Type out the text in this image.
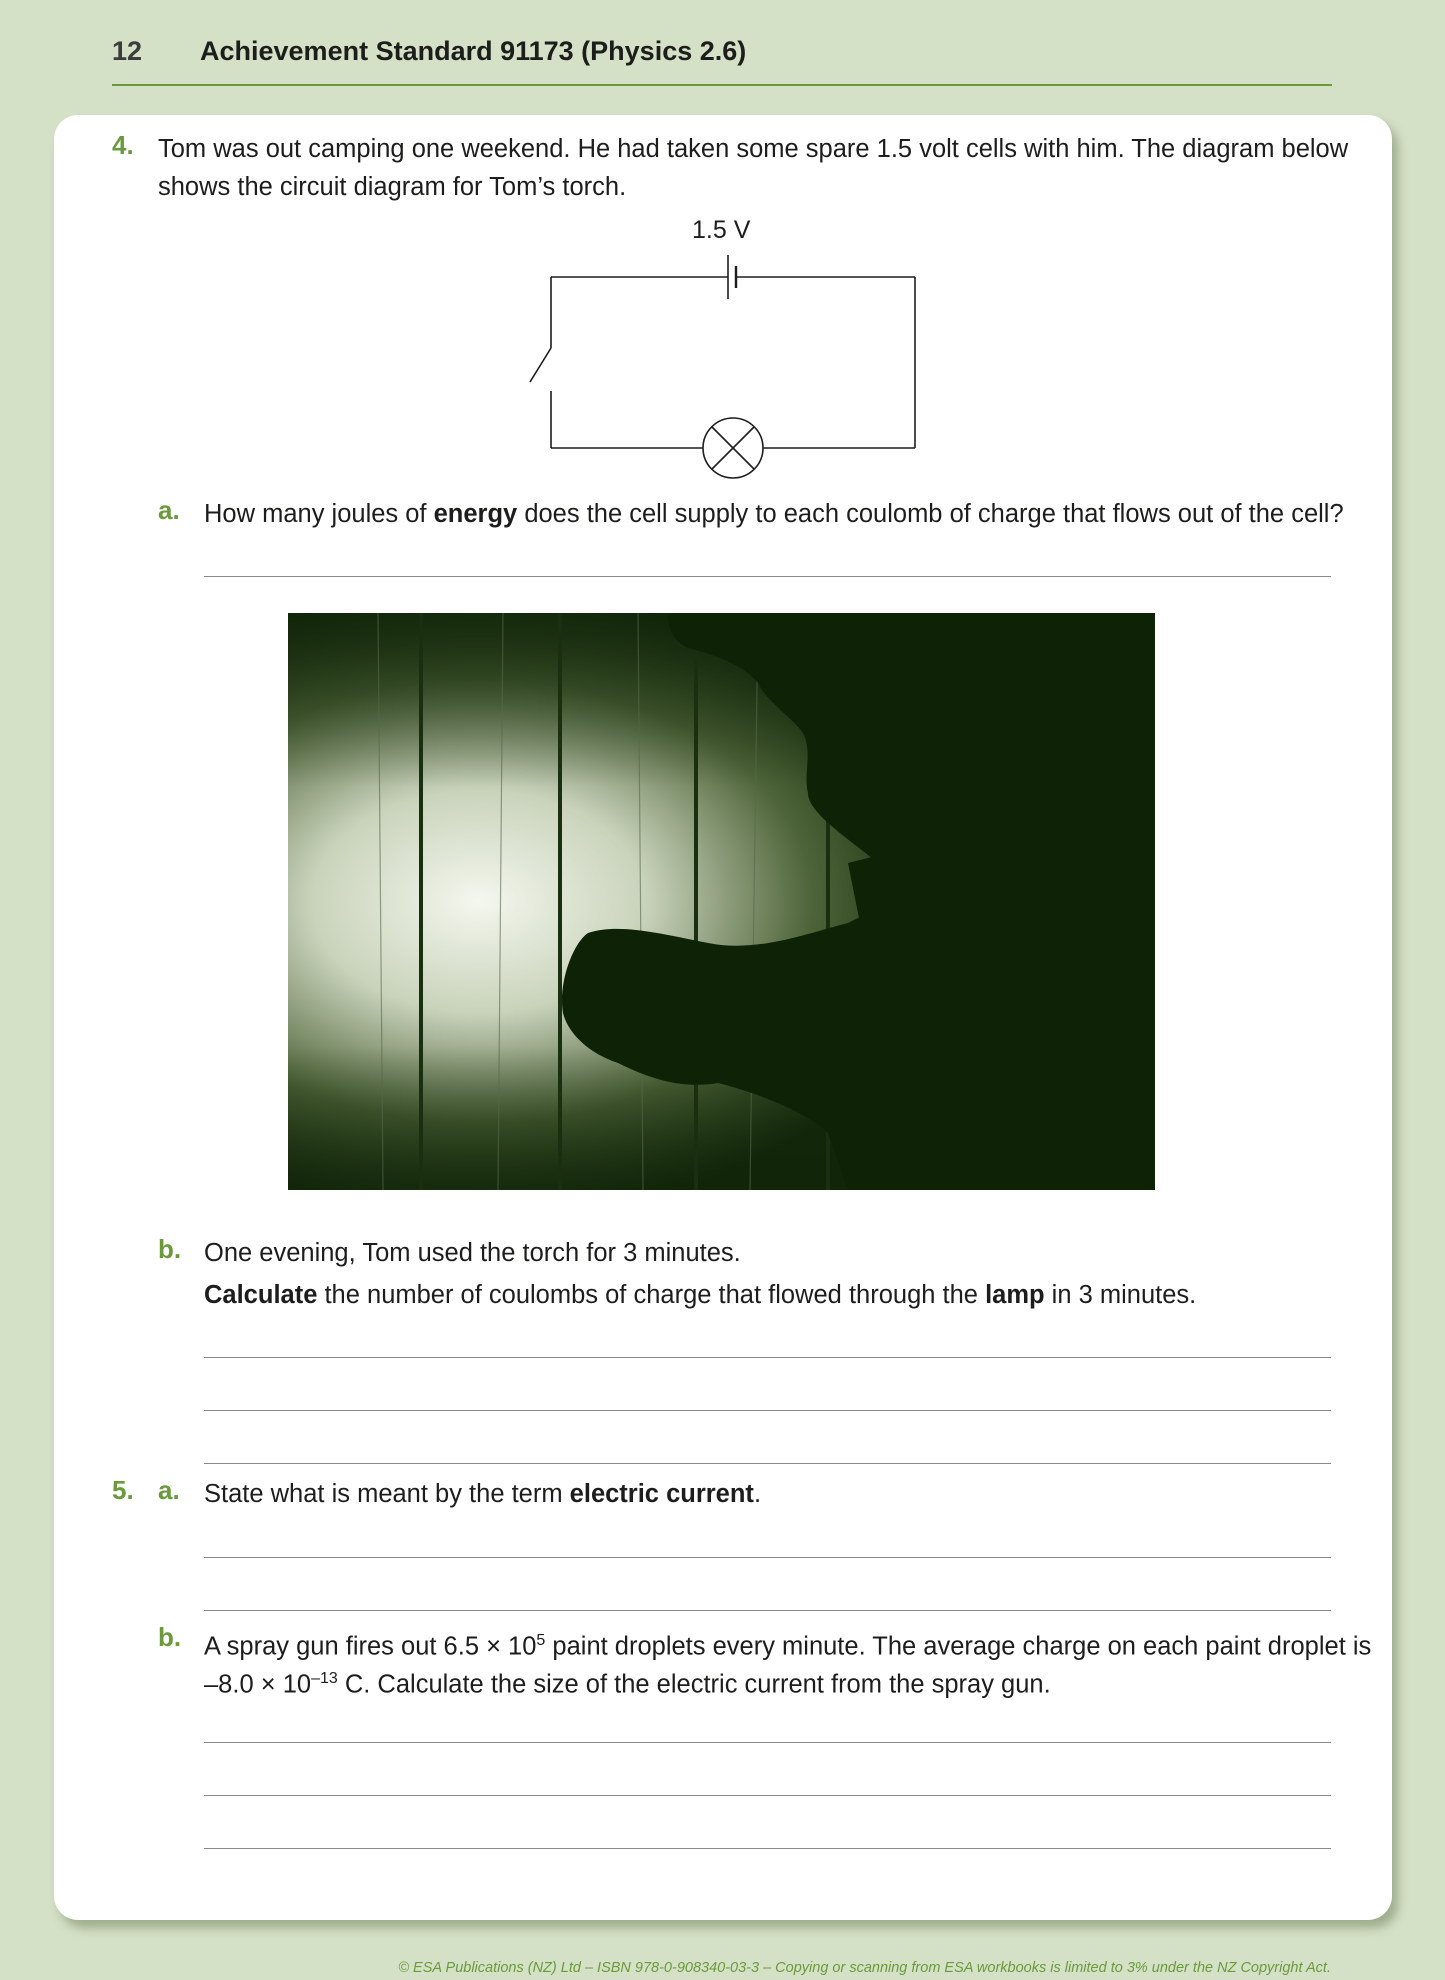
12 Achievement Standard 91173 (Physics 2.6)
4. Tom was out camping one weekend. He had taken some spare 1.5 volt cells with him. The diagram below
shows the circuit diagram for Tom’s torch.
1.5 V
a. How many joules of energy does the cell supply to each coulomb of charge that flows out of the cell?
b. One evening, Tom used the torch for 3 minutes.
Calculate the number of coulombs of charge that flowed through the lamp in 3 minutes.
5. a. State what is meant by the term electric current.
b. A spray gun fires out $6.5 \times 10^5$ paint droplets every minute. The average charge on each paint droplet is
$-8.0 \times 10^{-13}$ C. Calculate the size of the electric current from the spray gun.
© ESA Publications (NZ) Ltd – ISBN 978-0-908340-03-3 – Copying or scanning from ESA workbooks is limited to 3% under the NZ Copyright Act.
